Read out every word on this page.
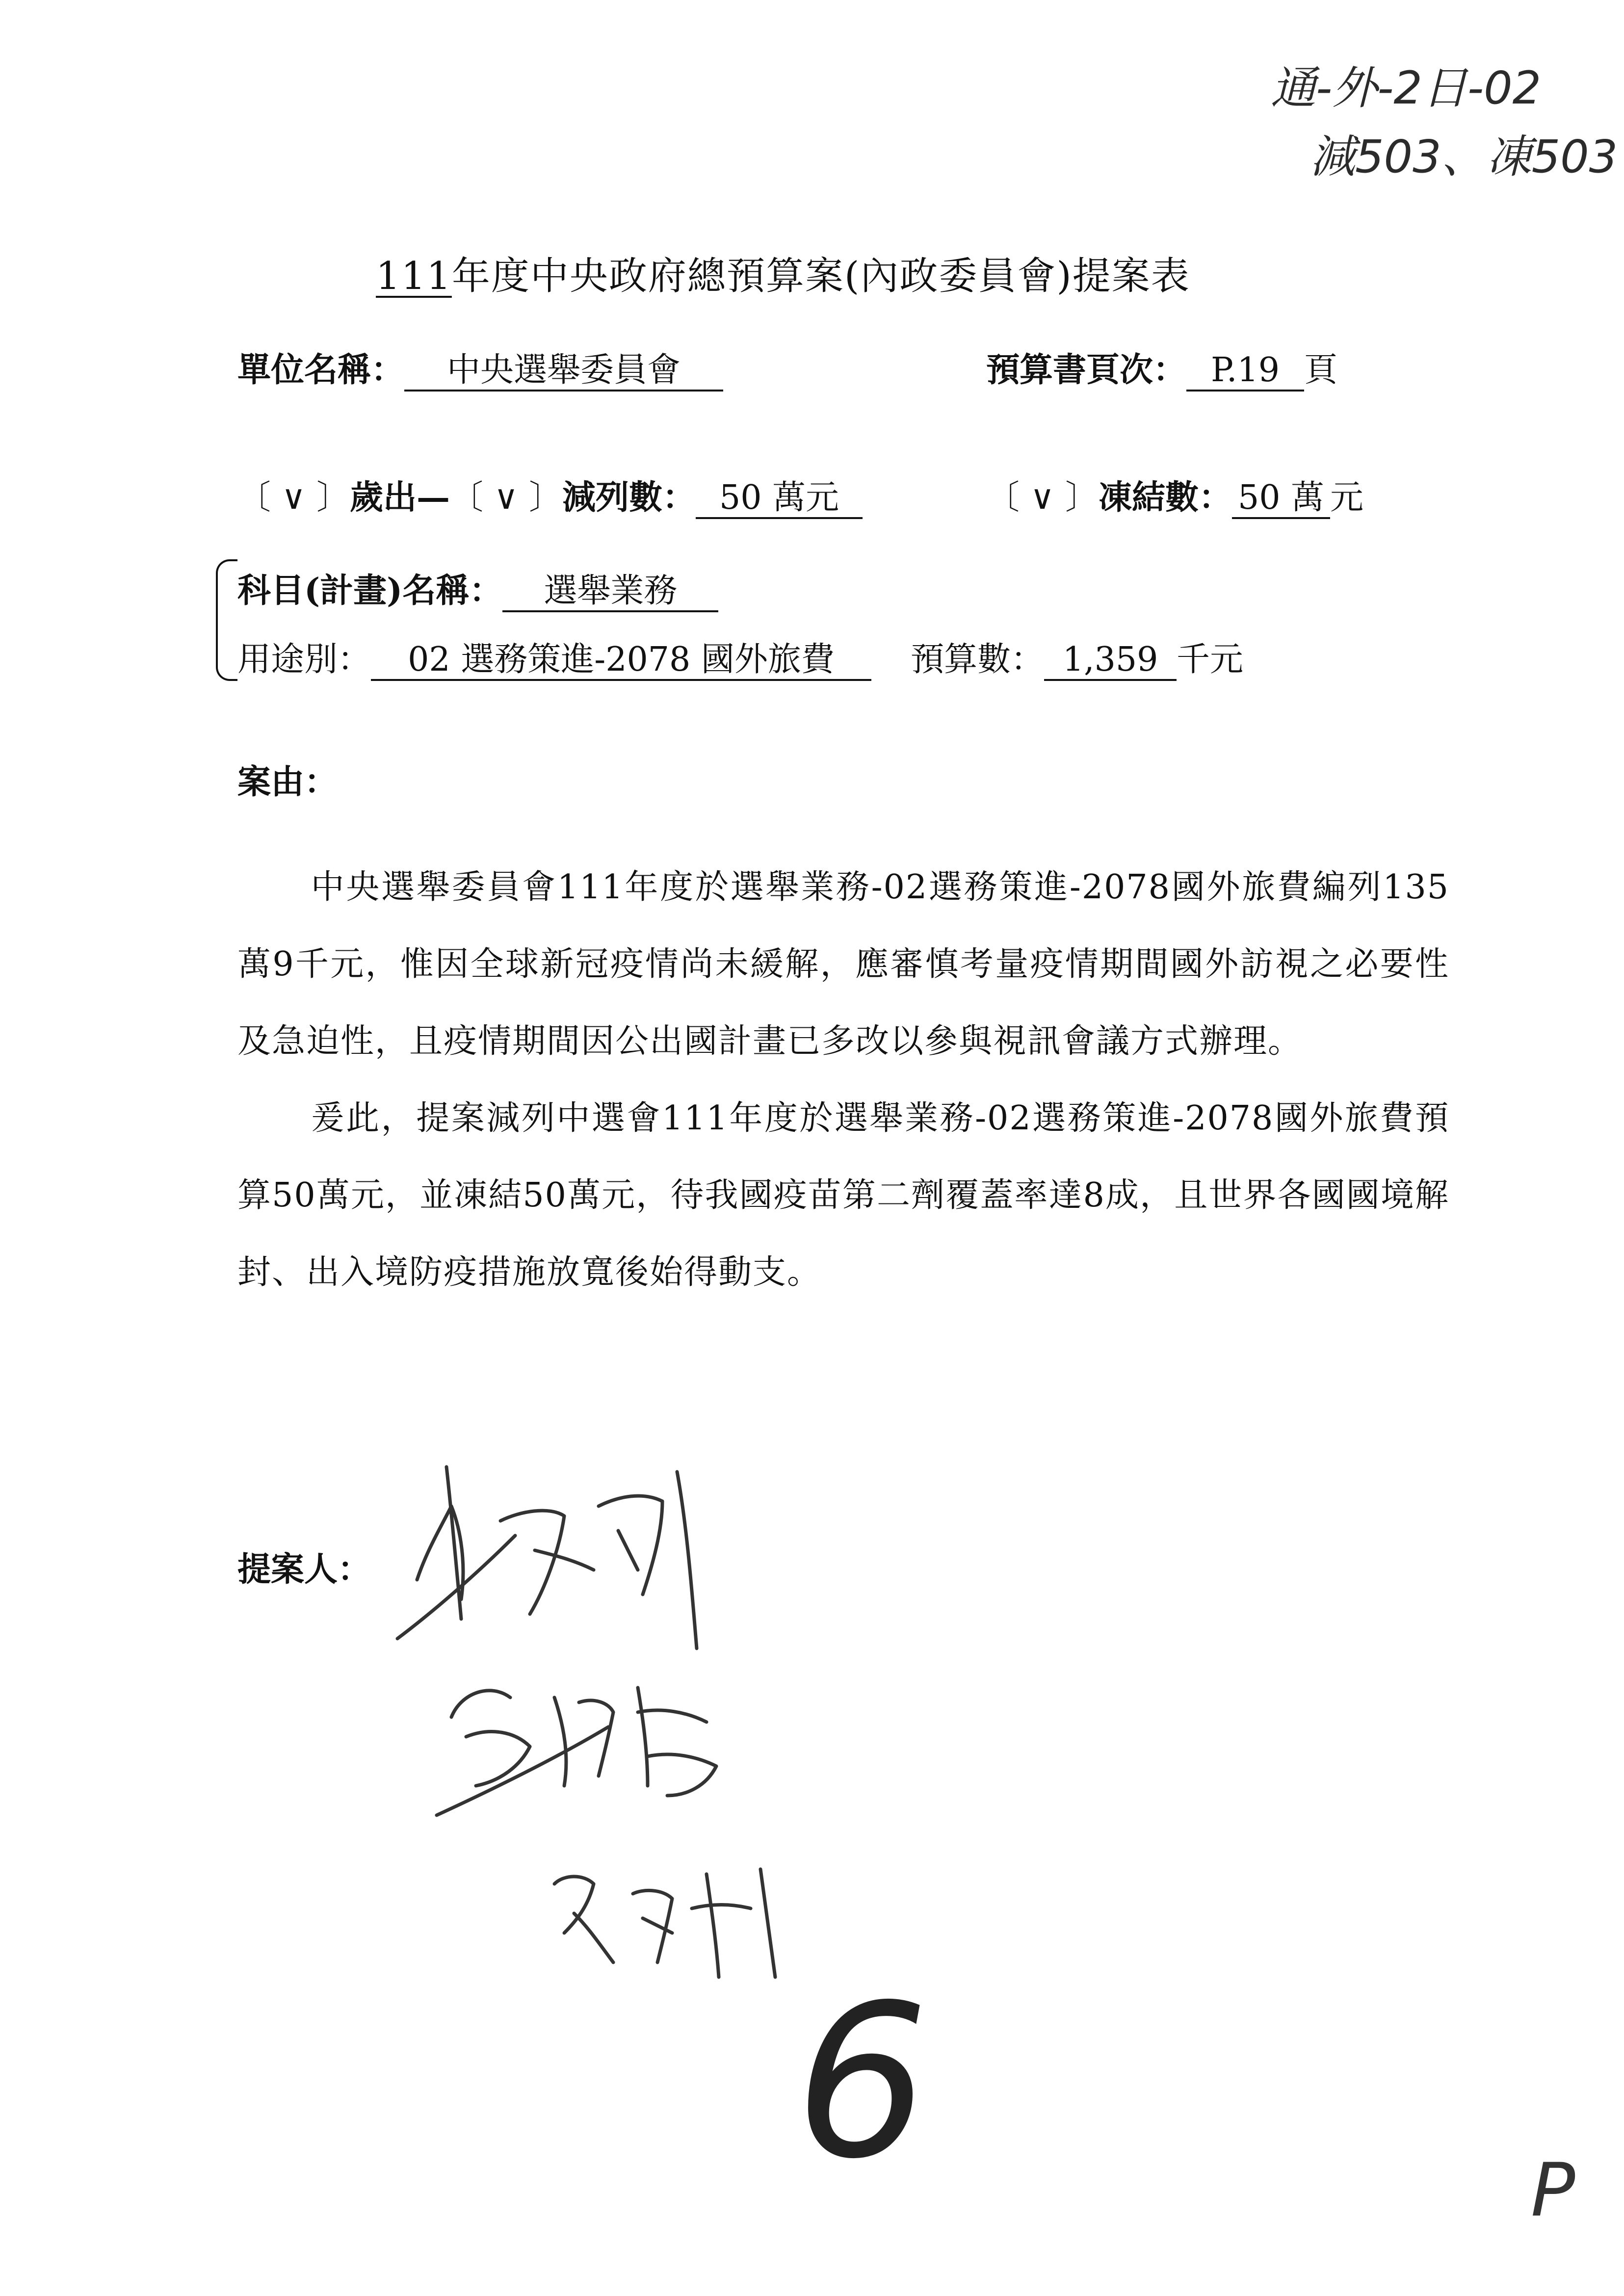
通-外-2日-02
減503、凍503
111年度中央政府總預算案(內政委員會)提案表
單位名稱： 中央選舉委員會	預算書頁次： P.19 頁
〔 ∨ 〕歲出—〔 ∨ 〕減列數： 50 萬元	〔 ∨ 〕凍結數： 50 萬 元
科目(計畫)名稱： 選舉業務
用途別： 02 選務策進-2078 國外旅費 預算數： 1,359 千元
案由：

中央選舉委員會111年度於選舉業務-02選務策進-2078國外旅費編列135萬9千元，惟因全球新冠疫情尚未緩解，應審慎考量疫情期間國外訪視之必要性及急迫性，且疫情期間因公出國計畫已多改以參與視訊會議方式辦理。

爰此，提案減列中選會111年度於選舉業務-02選務策進-2078國外旅費預算50萬元，並凍結50萬元，待我國疫苗第二劑覆蓋率達8成，且世界各國國境解封、出入境防疫措施放寬後始得動支。

提案人：
6	P
